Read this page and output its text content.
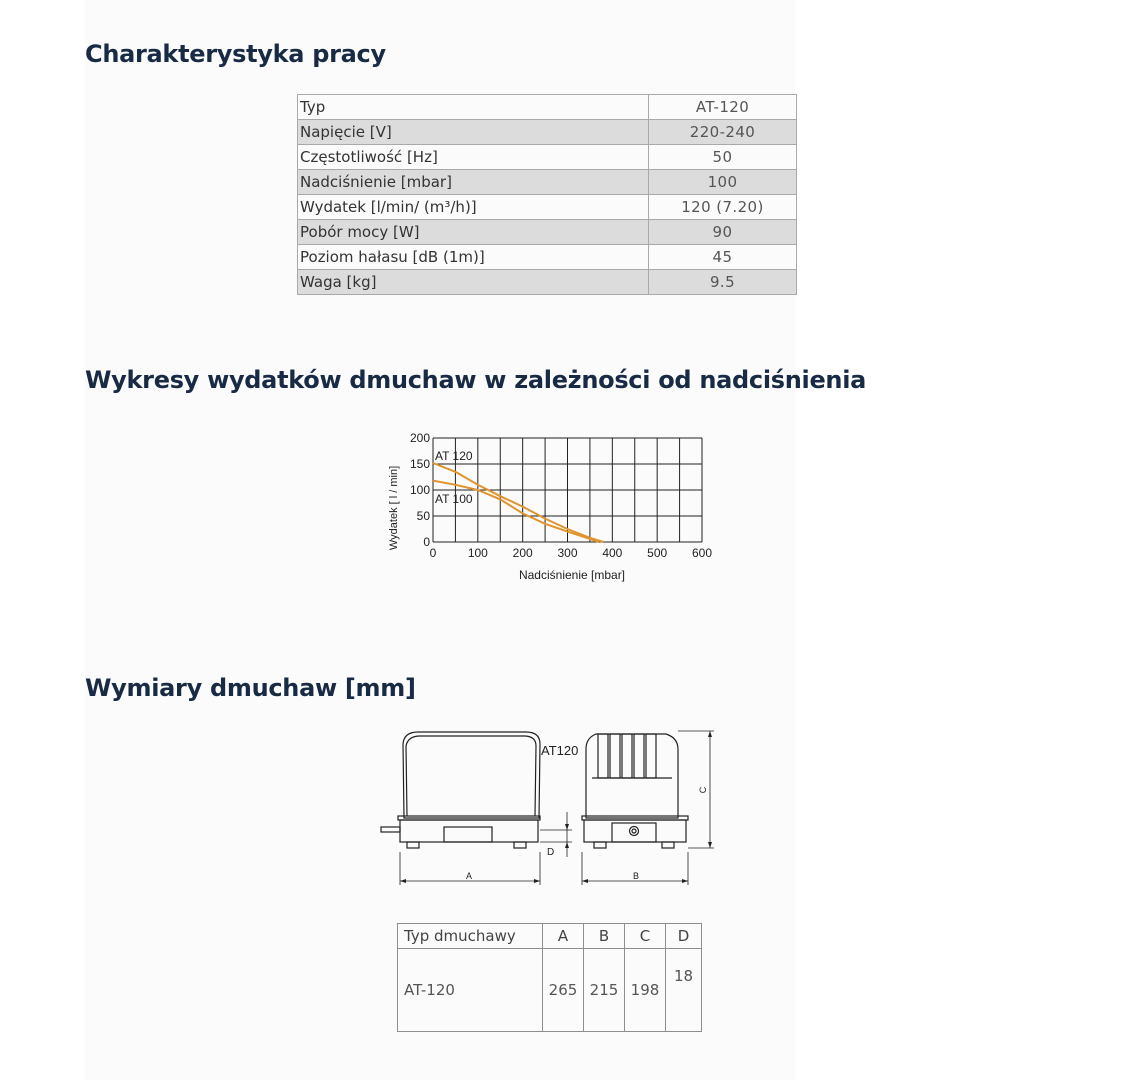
Charakterystyka pracy
Typ	AT-120
Napięcie [V]	220-240
Częstotliwość [Hz]	50
Nadciśnienie [mbar]	100
Wydatek [l/min/ (m³/h)]	120 (7.20)
Pobór mocy [W]	90
Poziom hałasu [dB (1m)]	45
Waga [kg]	9.5
Wykresy wydatków dmuchaw w zależności od nadciśnienia
0
50
100
150
200
0	100 200 300 400 500 600
AT 120
AT 100
Wydatek [ l / min]
Nadciśnienie [mbar]
Wymiary dmuchaw [mm]
AT120
A	B
C
D
Typ dmuchawy	A	B	C	D
AT-120	265	215	198	18
